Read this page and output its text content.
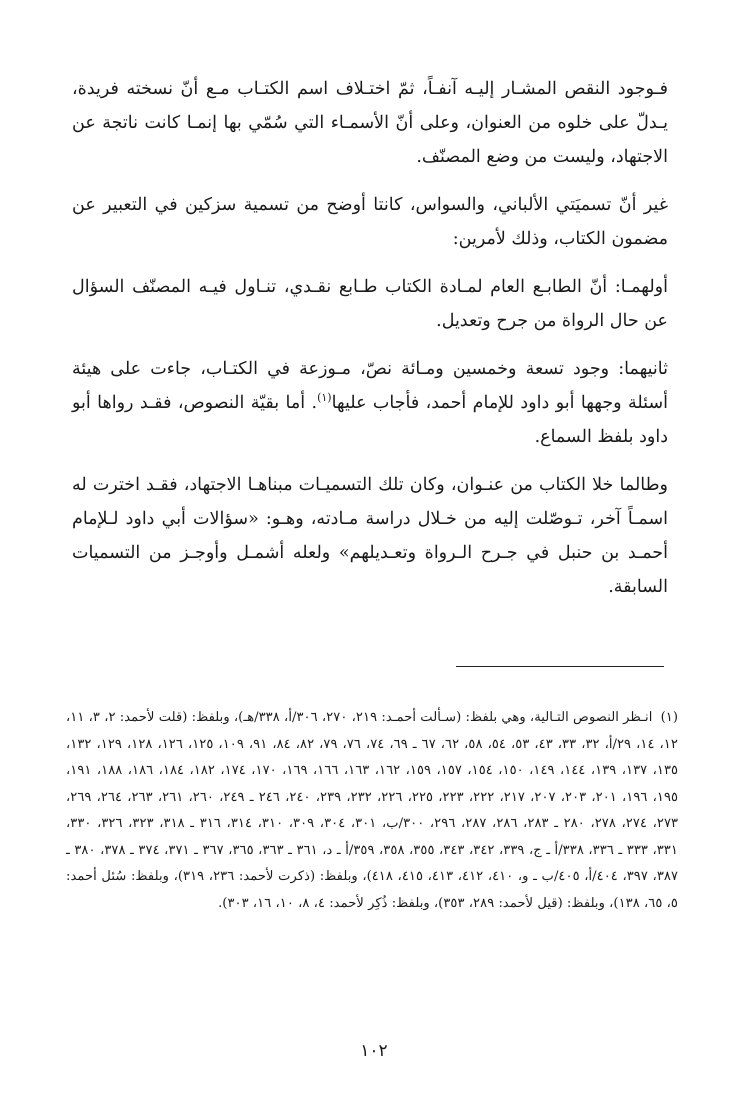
فـوجود النقص المشـار إليـه آنفـاً، ثمّ اختـلاف اسم الكتـاب مـع أنّ نسخته فريدة، يـدلّ على خلوه من العنوان، وعلى أنّ الأسمـاء التي سُمّي بها إنمـا كانت ناتجة عن الاجتهاد، وليست من وضع المصنّف.

غير أنّ تسميَتي الألباني، والسواس، كانتا أوضح من تسمية سزكين في التعبير عن مضمون الكتاب، وذلك لأمرين:

أولهمـا: أنّ الطابـع العام لمـادة الكتاب طـابع نقـدي، تنـاول فيـه المصنّف السؤال عن حال الرواة من جرح وتعديل.

ثانيهما: وجود تسعة وخمسين ومـائة نصّ، مـوزعة في الكتـاب، جاءت على هيئة أسئلة وجهها أبو داود للإمام أحمد، فأجاب عليها$^{(١)}$. أما بقيّة النصوص، فقـد رواها أبو داود بلفظ السماع.

وطالما خلا الكتاب من عنـوان، وكان تلك التسميـات مبناهـا الاجتهاد، فقـد اخترت له اسمـاً آخر، تـوصّلت إليه من خـلال دراسة مـادته، وهـو: «سؤالات أبي داود لـلإمام أحمـد بن حنبل في جـرح الـرواة وتعـديلهم» ولعله أشمـل وأوجـز من التسميات السابقة.

(١) انـظر النصوص التـالية، وهي بلفظ: (سـألت أحمـد: ٢١٩، ٢٧٠، ٣٠٦/أ، ٣٣٨/هـ)، وبلفظ: (قلت لأحمد: ٢، ٣، ١١، ١٢، ١٤، ٢٩/أ، ٣٢، ٣٣، ٤٣، ٥٣، ٥٤، ٥٨، ٦٢، ٦٧ ـ ٦٩، ٧٤، ٧٦، ٧٩، ٨٢، ٨٤، ٩١، ١٠٩، ١٢٥، ١٢٦، ١٢٨، ١٢٩، ١٣٢، ١٣٥، ١٣٧، ١٣٩، ١٤٤، ١٤٩، ١٥٠، ١٥٤، ١٥٧، ١٥٩، ١٦٢، ١٦٣، ١٦٦، ١٦٩، ١٧٠، ١٧٤، ١٨٢، ١٨٤، ١٨٦، ١٨٨، ١٩١، ١٩٥، ١٩٦، ٢٠١، ٢٠٣، ٢٠٧، ٢١٧، ٢٢٢، ٢٢٣، ٢٢٥، ٢٢٦، ٢٣٢، ٢٣٩، ٢٤٠، ٢٤٦ ـ ٢٤٩، ٢٦٠، ٢٦١، ٢٦٣، ٢٦٤، ٢٦٩، ٢٧٣، ٢٧٤، ٢٧٨، ٢٨٠ ـ ٢٨٣، ٢٨٦، ٢٨٧، ٢٩٦، ٣٠٠/ب، ٣٠١، ٣٠٤، ٣٠٩، ٣١٠، ٣١٤، ٣١٦ ـ ٣١٨، ٣٢٣، ٣٢٦، ٣٣٠، ٣٣١، ٣٣٣ ـ ٣٣٦، ٣٣٨/أ ـ ج، ٣٣٩، ٣٤٢، ٣٤٣، ٣٥٥، ٣٥٨، ٣٥٩/أ ـ د، ٣٦١ ـ ٣٦٣، ٣٦٥، ٣٦٧ ـ ٣٧١، ٣٧٤ ـ ٣٧٨، ٣٨٠ ـ ٣٨٧، ٣٩٧، ٤٠٤/أ، ٤٠٥/ب ـ و، ٤١٠، ٤١٢، ٤١٣، ٤١٥، ٤١٨)، وبلفظ: (ذكرت لأحمد: ٢٣٦، ٣١٩)، وبلفظ: سُئل أحمد: ٥، ٦٥، ١٣٨)، وبلفظ: (قيل لأحمد: ٢٨٩، ٣٥٣)، وبلفظ: ذُكِر لأحمد: ٤، ٨، ١٠، ١٦، ٣٠٣).
١٠٢
